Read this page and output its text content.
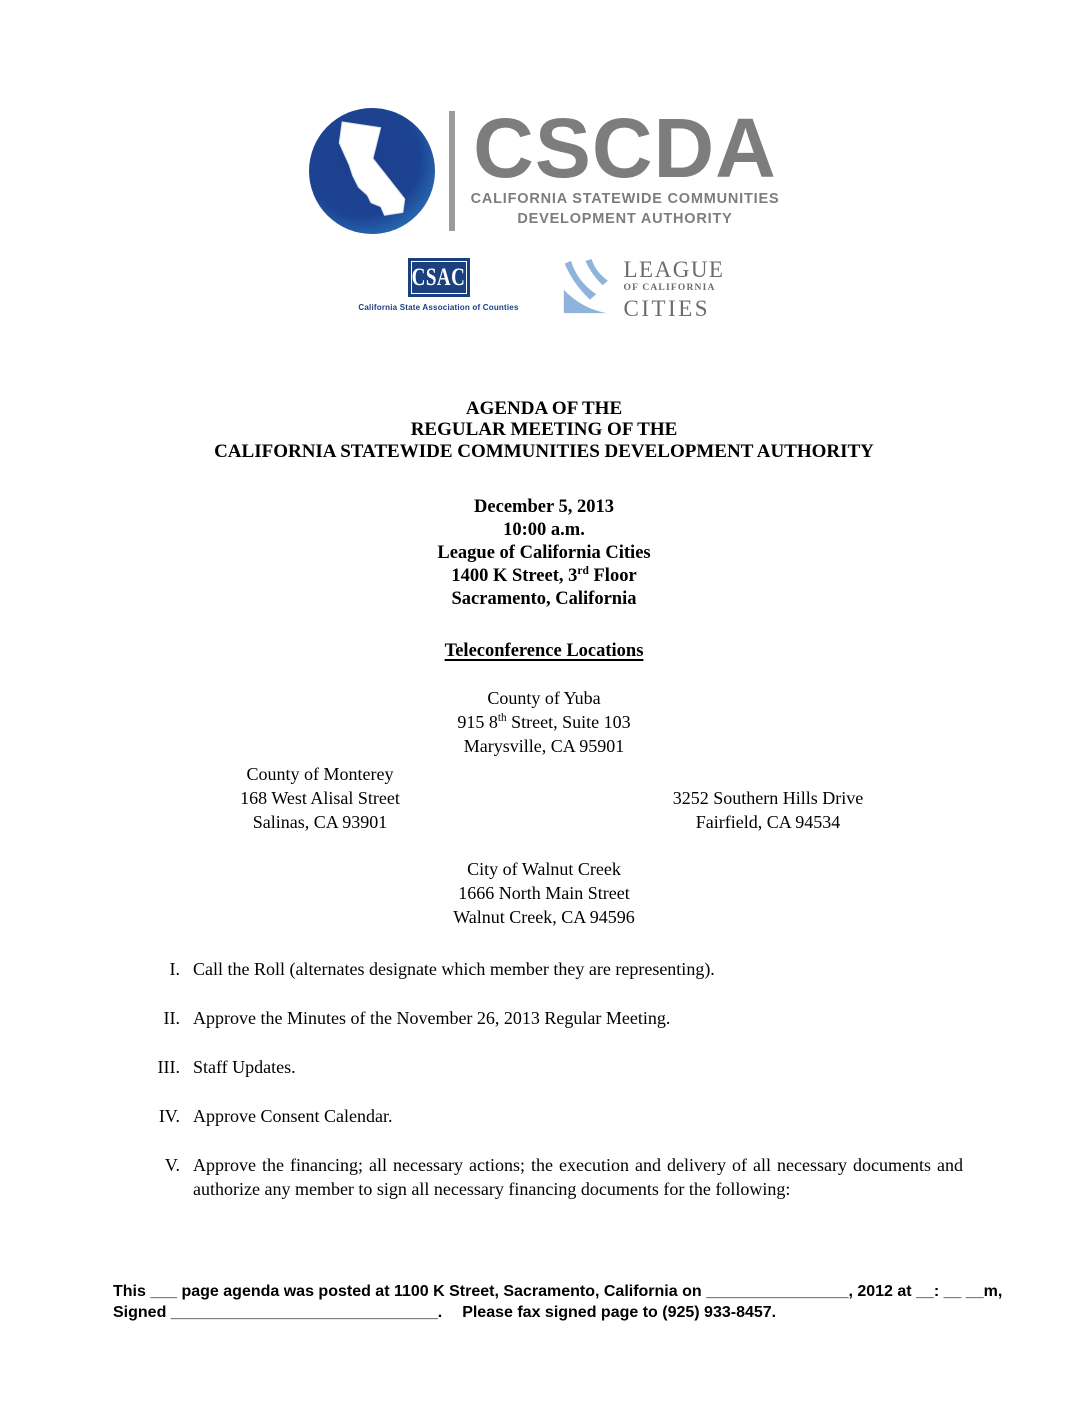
CSCDA
CALIFORNIA STATEWIDE COMMUNITIES
DEVELOPMENT AUTHORITY
CSAC
California State Association of Counties
LEAGUE
OF CALIFORNIA
CITIES
AGENDA OF THE
REGULAR MEETING OF THE
CALIFORNIA STATEWIDE COMMUNITIES DEVELOPMENT AUTHORITY
December 5, 2013
10:00 a.m.
League of California Cities
1400 K Street, 3rd Floor
Sacramento, California
Teleconference Locations
County of Yuba
915 8th Street, Suite 103
Marysville, CA 95901
County of Monterey
168 West Alisal Street
Salinas, CA 93901
3252 Southern Hills Drive
Fairfield, CA 94534
City of Walnut Creek
1666 North Main Street
Walnut Creek, CA 94596
I. Call the Roll (alternates designate which member they are representing).
II. Approve the Minutes of the November 26, 2013 Regular Meeting.
III. Staff Updates.
IV. Approve Consent Calendar.
V. Approve the financing; all necessary actions; the execution and delivery of all necessary documents and authorize any member to sign all necessary financing documents for the following:
This ___ page agenda was posted at 1100 K Street, Sacramento, California on ________________, 2012 at __: __ __m,
Signed ______________________________. Please fax signed page to (925) 933-8457.
